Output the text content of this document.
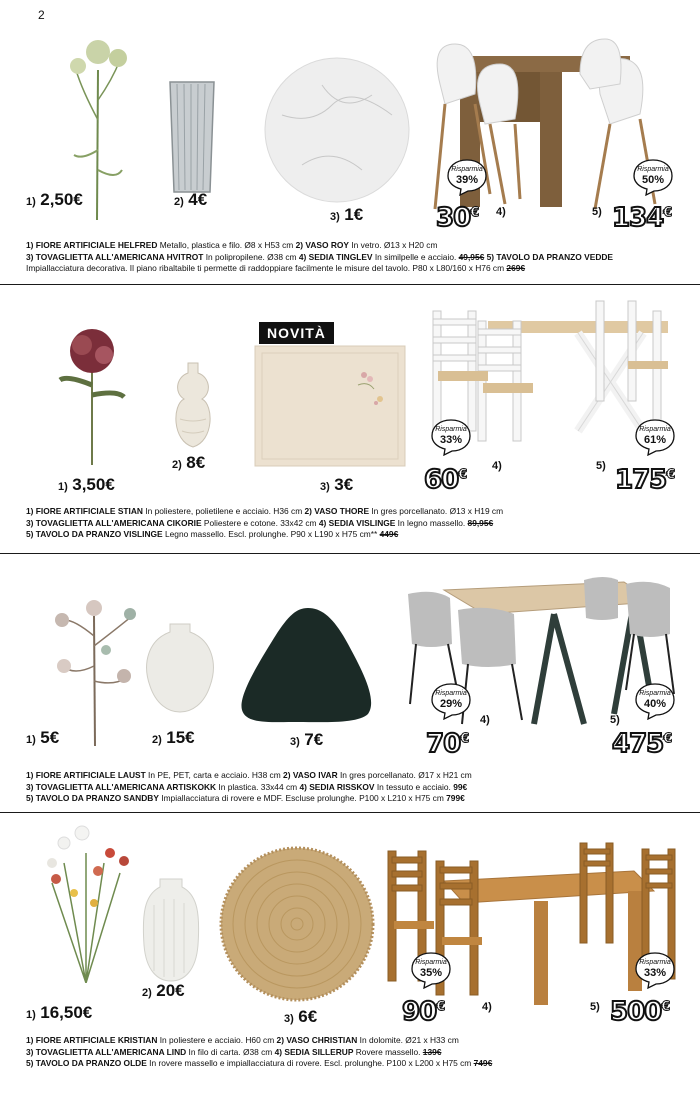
2
1) 2,50€	2) 4€
3) 1€
Risparmia
39%
30€ 4)
Risparmia
50%
5) 134€
1) FIORE ARTIFICIALE HELFRED Metallo, plastica e filo. Ø8 x H53 cm 2) VASO ROY In vetro. Ø13 x H20 cm
3) TOVAGLIETTA ALL'AMERICANA HVITROT In polipropilene. Ø38 cm 4) SEDIA TINGLEV In similpelle e acciaio. 49,95€ 5) TAVOLO DA PRANZO VEDDE
Impiallacciatura decorativa. Il piano ribaltabile ti permette di raddoppiare facilmente le misure del tavolo. P80 x L80/160 x H76 cm 269€
NOVITÀ
1) 3,50€
2) 8€
3) 3€
Risparmia
33%
60€
4)
Risparmia
61%
5) 175€
1) FIORE ARTIFICIALE STIAN In poliestere, polietilene e acciaio. H36 cm 2) VASO THORE In gres porcellanato. Ø13 x H19 cm
3) TOVAGLIETTA ALL'AMERICANA CIKORIE Poliestere e cotone. 33x42 cm 4) SEDIA VISLINGE In legno massello. 89,95€
5) TAVOLO DA PRANZO VISLINGE Legno massello. Escl. prolunghe. P90 x L190 x H75 cm** 449€
1) 5€	2) 15€	3) 7€
Risparmia
29%
4)
70€
Risparmia
40%
5)
475€
1) FIORE ARTIFICIALE LAUST In PE, PET, carta e acciaio. H38 cm 2) VASO IVAR In gres porcellanato. Ø17 x H21 cm
3) TOVAGLIETTA ALL'AMERICANA ARTISKOKK In plastica. 33x44 cm 4) SEDIA RISSKOV In tessuto e acciaio. 99€
5) TAVOLO DA PRANZO SANDBY Impiallacciatura di rovere e MDF. Escluse prolunghe. P100 x L210 x H75 cm 799€
1) 16,50€
2) 20€
3) 6€
Risparmia
35%
90€	4)
Risparmia
33%
5) 500€
1) FIORE ARTIFICIALE KRISTIAN In poliestere e acciaio. H60 cm 2) VASO CHRISTIAN In dolomite. Ø21 x H33 cm
3) TOVAGLIETTA ALL'AMERICANA LIND In filo di carta. Ø38 cm 4) SEDIA SILLERUP Rovere massello. 139€
5) TAVOLO DA PRANZO OLDE In rovere massello e impiallacciatura di rovere. Escl. prolunghe. P100 x L200 x H75 cm 749€
